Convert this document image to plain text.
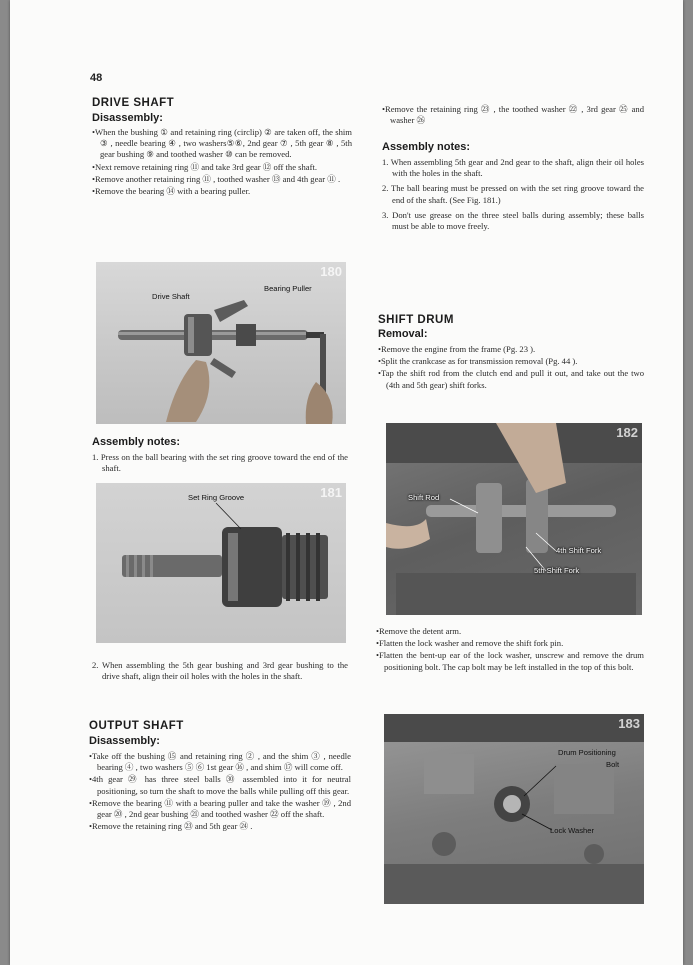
48
DRIVE SHAFT
Disassembly:

•When the bushing ① and retaining ring (circlip) ② are taken off, the shim ③ , needle bearing ④ , two washers⑤⑥, 2nd gear ⑦ , 5th gear ⑧ , 5th gear bushing ⑨ and toothed washer ⑩ can be removed.

•Next remove retaining ring ⑪ and take 3rd gear ⑫ off the shaft.

•Remove another retaining ring ⑪ , toothed washer ⑬ and 4th gear ⑪ .

•Remove the bearing ⑭ with a bearing puller.

180
Drive Shaft
Bearing Puller
Assembly notes:

1. Press on the ball bearing with the set ring groove toward the end of the shaft.

181
Set Ring Groove

2. When assembling the 5th gear bushing and 3rd gear bushing to the drive shaft, align their oil holes with the holes in the shaft.

OUTPUT SHAFT
Disassembly:

•Take off the bushing ⑮ and retaining ring ② , and the shim ③ , needle bearing ④ , two washers ⑤ ⑥ 1st gear ⑯ , and shim ⑰ will come off.

•4th gear ㉙ has three steel balls ㉚ assembled into it for neutral positioning, so turn the shaft to move the balls while pulling off this gear.

•Remove the bearing ⑪ with a bearing puller and take the washer ⑲ , 2nd gear ⑳ , 2nd gear bushing ㉑ and toothed washer ㉒ off the shaft.

•Remove the retaining ring ㉓ and 5th gear ㉔ .

•Remove the retaining ring ㉓ , the toothed washer ㉒ , 3rd gear ㉕ and washer ㉖

Assembly notes:

1. When assembling 5th gear and 2nd gear to the shaft, align their oil holes with the holes in the shaft.

2. The ball bearing must be pressed on with the set ring groove toward the end of the shaft. (See Fig. 181.)

3. Don't use grease on the three steel balls during assembly; these balls must be able to move freely.

SHIFT DRUM
Removal:

•Remove the engine from the frame (Pg. 23 ).

•Split the crankcase as for transmission removal (Pg. 44 ).

•Tap the shift rod from the clutch end and pull it out, and take out the two (4th and 5th gear) shift forks.

182
Shift Rod
4th Shift Fork
5th Shift Fork

•Remove the detent arm.

•Flatten the lock washer and remove the shift fork pin.

•Flatten the bent-up ear of the lock washer, unscrew and remove the drum positioning bolt. The cap bolt may be left installed in the top of this bolt.

183
Drum Positioning
Bolt
Lock Washer
